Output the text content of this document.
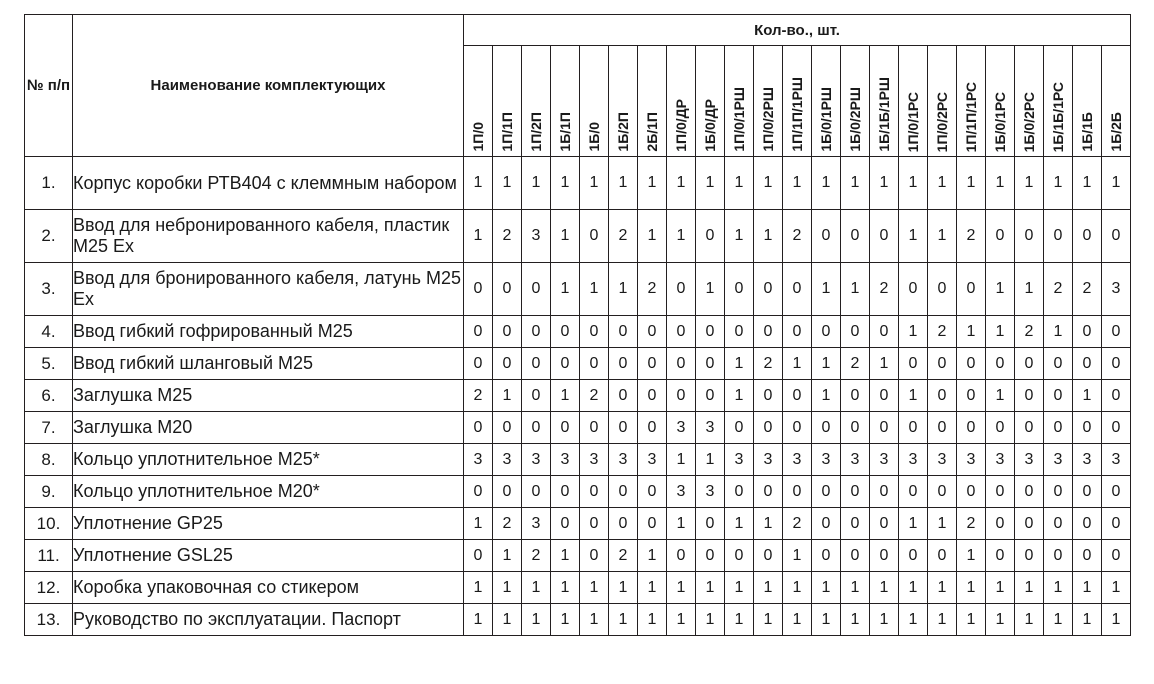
№ п/п	Наименование комплектующих	Кол-во., шт.																						
		1П/0	1П/1П	1П/2П	1Б/1П	1Б/0	1Б/2П	2Б/1П	1П/0/ДР	1Б/0/ДР	1П/0/1РШ	1П/0/2РШ	1П/1П/1РШ	1Б/0/1РШ	1Б/0/2РШ	1Б/1Б/1РШ	1П/0/1РС	1П/0/2РС	1П/1П/1РС	1Б/0/1РС	1Б/0/2РС	1Б/1Б/1РС	1Б/1Б	1Б/2Б
1.	Корпус коробки РТВ404 с клеммным набором	1	1	1	1	1	1	1	1	1	1	1	1	1	1	1	1	1	1	1	1	1	1	1
2.	Ввод для небронированного кабеля, пластик М25 Ex	1	2	3	1	0	2	1	1	0	1	1	2	0	0	0	1	1	2	0	0	0	0	0
3.	Ввод для бронированного кабеля, латунь М25 Ex	0	0	0	1	1	1	2	0	1	0	0	0	1	1	2	0	0	0	1	1	2	2	3
4.	Ввод гибкий гофрированный М25	0	0	0	0	0	0	0	0	0	0	0	0	0	0	0	1	2	1	1	2	1	0	0
5.	Ввод гибкий шланговый М25	0	0	0	0	0	0	0	0	0	1	2	1	1	2	1	0	0	0	0	0	0	0	0
6.	Заглушка М25	2	1	0	1	2	0	0	0	0	1	0	0	1	0	0	1	0	0	1	0	0	1	0
7.	Заглушка М20	0	0	0	0	0	0	0	3	3	0	0	0	0	0	0	0	0	0	0	0	0	0	0
8.	Кольцо уплотнительное М25*	3	3	3	3	3	3	3	1	1	3	3	3	3	3	3	3	3	3	3	3	3	3	3
9.	Кольцо уплотнительное М20*	0	0	0	0	0	0	0	3	3	0	0	0	0	0	0	0	0	0	0	0	0	0	0
10.	Уплотнение GP25	1	2	3	0	0	0	0	1	0	1	1	2	0	0	0	1	1	2	0	0	0	0	0
11.	Уплотнение GSL25	0	1	2	1	0	2	1	0	0	0	0	1	0	0	0	0	0	1	0	0	0	0	0
12.	Коробка упаковочная со стикером	1	1	1	1	1	1	1	1	1	1	1	1	1	1	1	1	1	1	1	1	1	1	1
13.	Руководство по эксплуатации. Паспорт	1	1	1	1	1	1	1	1	1	1	1	1	1	1	1	1	1	1	1	1	1	1	1
